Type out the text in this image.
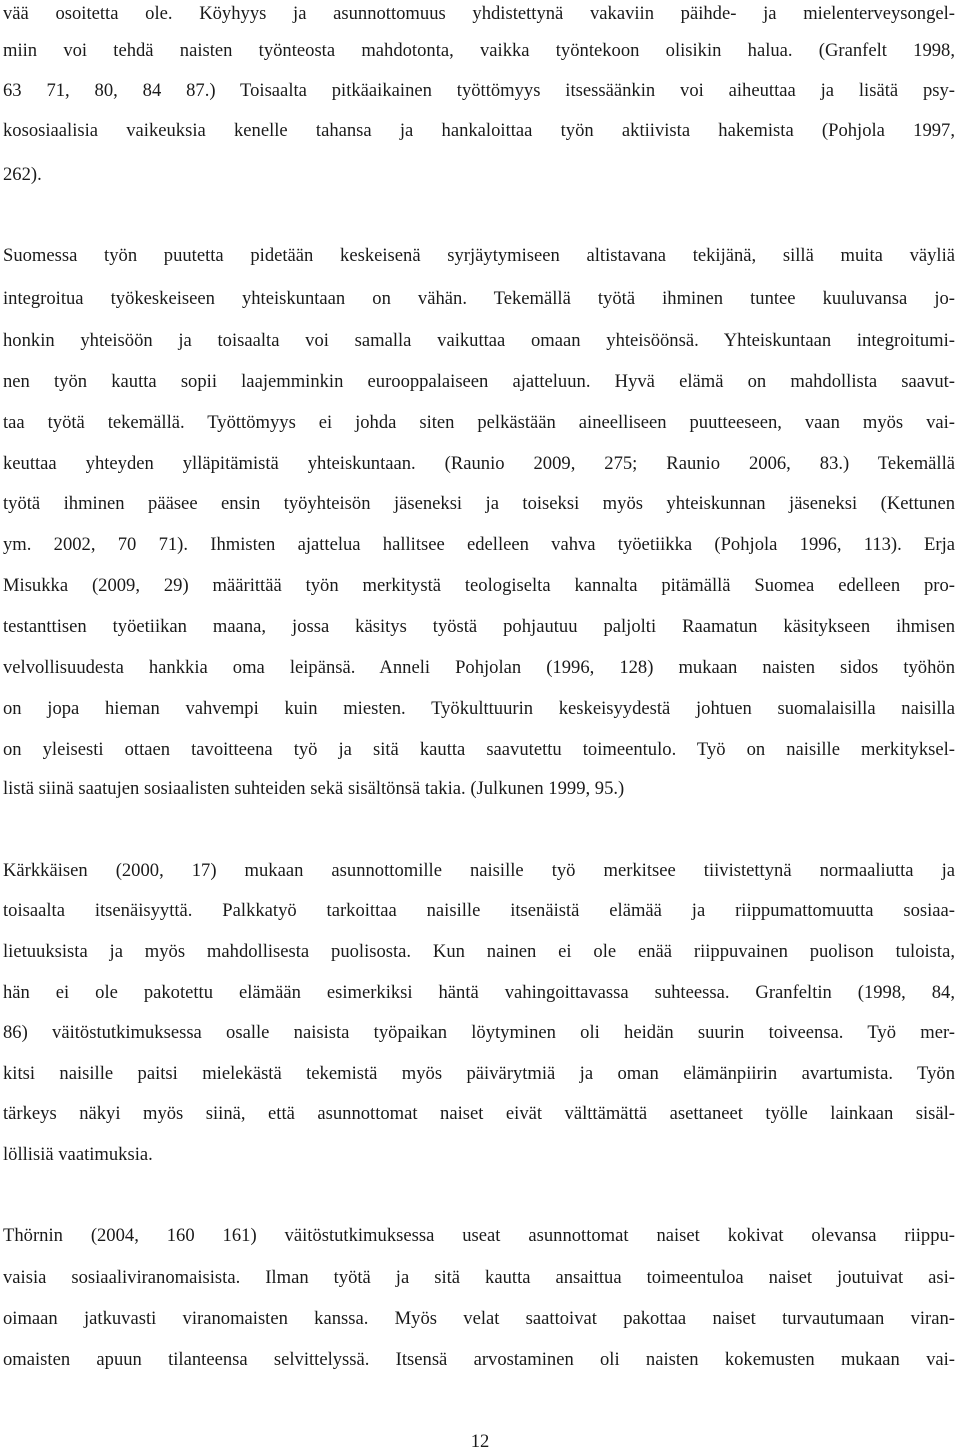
vää osoitetta ole. Köyhyys ja asunnottomuus yhdistettynä vakaviin päihde- ja mielenterveysongel-
miin voi tehdä naisten työnteosta mahdotonta, vaikka työntekoon olisikin halua. (Granfelt 1998,
63 71, 80, 84 87.) Toisaalta pitkäaikainen työttömyys itsessäänkin voi aiheuttaa ja lisätä psy-
kososiaalisia vaikeuksia kenelle tahansa ja hankaloittaa työn aktiivista hakemista (Pohjola 1997,
262).
Suomessa työn puutetta pidetään keskeisenä syrjäytymiseen altistavana tekijänä, sillä muita väyliä
integroitua työkeskeiseen yhteiskuntaan on vähän. Tekemällä työtä ihminen tuntee kuuluvansa jo-
honkin yhteisöön ja toisaalta voi samalla vaikuttaa omaan yhteisöönsä. Yhteiskuntaan integroitumi-
nen työn kautta sopii laajemminkin eurooppalaiseen ajatteluun. Hyvä elämä on mahdollista saavut-
taa työtä tekemällä. Työttömyys ei johda siten pelkästään aineelliseen puutteeseen, vaan myös vai-
keuttaa yhteyden ylläpitämistä yhteiskuntaan. (Raunio 2009, 275; Raunio 2006, 83.) Tekemällä
työtä ihminen pääsee ensin työyhteisön jäseneksi ja toiseksi myös yhteiskunnan jäseneksi (Kettunen
ym. 2002, 70 71). Ihmisten ajattelua hallitsee edelleen vahva työetiikka (Pohjola 1996, 113). Erja
Misukka (2009, 29) määrittää työn merkitystä teologiselta kannalta pitämällä Suomea edelleen pro-
testanttisen työetiikan maana, jossa käsitys työstä pohjautuu paljolti Raamatun käsitykseen ihmisen
velvollisuudesta hankkia oma leipänsä. Anneli Pohjolan (1996, 128) mukaan naisten sidos työhön
on jopa hieman vahvempi kuin miesten. Työkulttuurin keskeisyydestä johtuen suomalaisilla naisilla
on yleisesti ottaen tavoitteena työ ja sitä kautta saavutettu toimeentulo. Työ on naisille merkityksel-
listä siinä saatujen sosiaalisten suhteiden sekä sisältönsä takia. (Julkunen 1999, 95.)
Kärkkäisen (2000, 17) mukaan asunnottomille naisille työ merkitsee tiivistettynä normaaliutta ja
toisaalta itsenäisyyttä. Palkkatyö tarkoittaa naisille itsenäistä elämää ja riippumattomuutta sosiaa-
lietuuksista ja myös mahdollisesta puolisosta. Kun nainen ei ole enää riippuvainen puolison tuloista,
hän ei ole pakotettu elämään esimerkiksi häntä vahingoittavassa suhteessa. Granfeltin (1998, 84,
86) väitöstutkimuksessa osalle naisista työpaikan löytyminen oli heidän suurin toiveensa. Työ mer-
kitsi naisille paitsi mielekästä tekemistä myös päivärytmiä ja oman elämänpiirin avartumista. Työn
tärkeys näkyi myös siinä, että asunnottomat naiset eivät välttämättä asettaneet työlle lainkaan sisäl-
löllisiä vaatimuksia.
Thörnin (2004, 160 161) väitöstutkimuksessa useat asunnottomat naiset kokivat olevansa riippu-
vaisia sosiaaliviranomaisista. Ilman työtä ja sitä kautta ansaittua toimeentuloa naiset joutuivat asi-
oimaan jatkuvasti viranomaisten kanssa. Myös velat saattoivat pakottaa naiset turvautumaan viran-
omaisten apuun tilanteensa selvittelyssä. Itsensä arvostaminen oli naisten kokemusten mukaan vai-
12
